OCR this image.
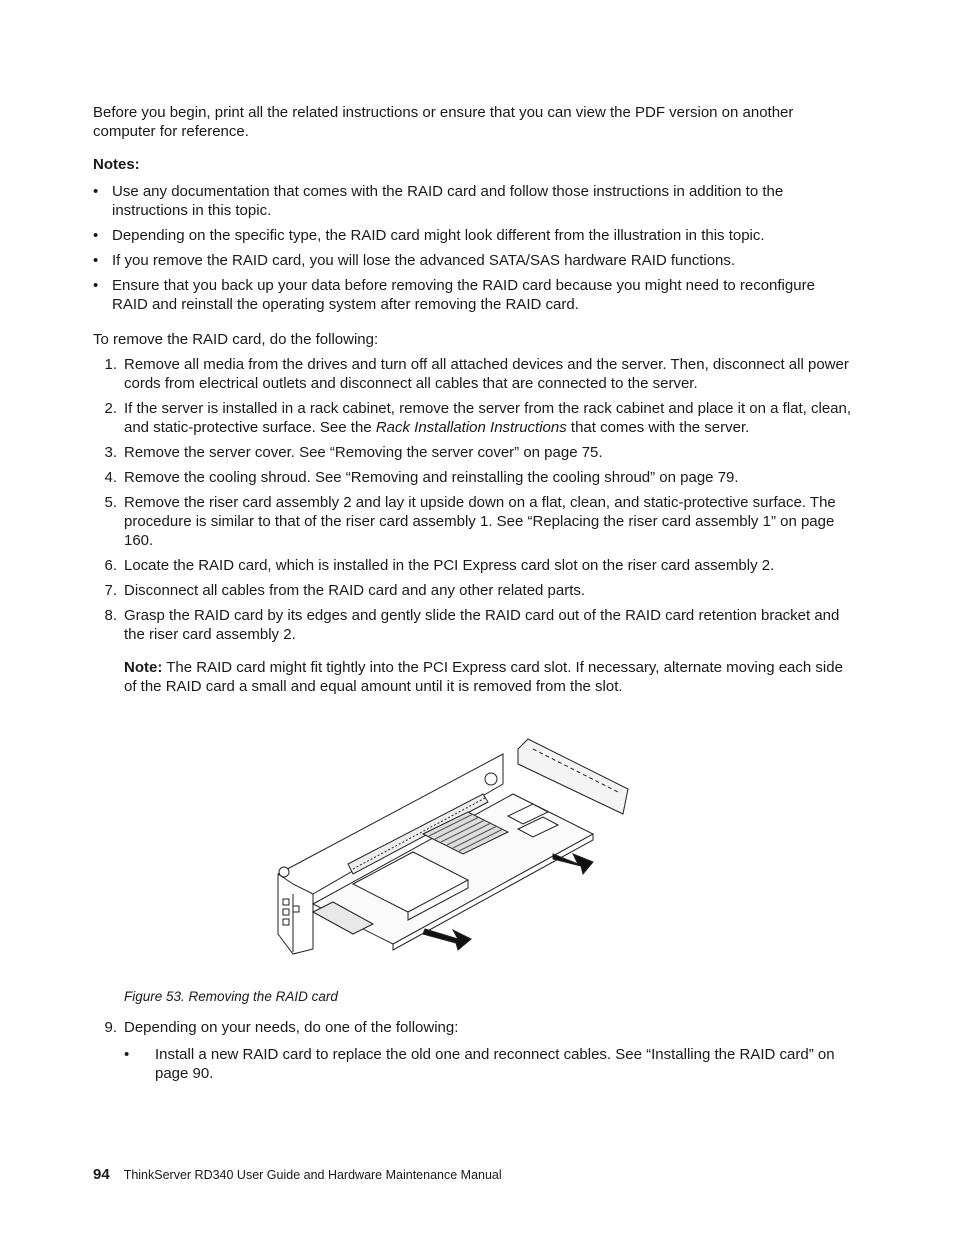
Before you begin, print all the related instructions or ensure that you can view the PDF version on another computer for reference.

Notes:

• Use any documentation that comes with the RAID card and follow those instructions in addition to the instructions in this topic.
• Depending on the specific type, the RAID card might look different from the illustration in this topic.
• If you remove the RAID card, you will lose the advanced SATA/SAS hardware RAID functions.
• Ensure that you back up your data before removing the RAID card because you might need to reconfigure RAID and reinstall the operating system after removing the RAID card.

To remove the RAID card, do the following:

1. Remove all media from the drives and turn off all attached devices and the server. Then, disconnect all power cords from electrical outlets and disconnect all cables that are connected to the server.
2. If the server is installed in a rack cabinet, remove the server from the rack cabinet and place it on a flat, clean, and static-protective surface. See the Rack Installation Instructions that comes with the server.
3. Remove the server cover. See “Removing the server cover” on page 75.
4. Remove the cooling shroud. See “Removing and reinstalling the cooling shroud” on page 79.
5. Remove the riser card assembly 2 and lay it upside down on a flat, clean, and static-protective surface. The procedure is similar to that of the riser card assembly 1. See “Replacing the riser card assembly 1” on page 160.
6. Locate the RAID card, which is installed in the PCI Express card slot on the riser card assembly 2.
7. Disconnect all cables from the RAID card and any other related parts.
8. Grasp the RAID card by its edges and gently slide the RAID card out of the RAID card retention bracket and the riser card assembly 2.

Note: The RAID card might fit tightly into the PCI Express card slot. If necessary, alternate moving each side of the RAID card a small and equal amount until it is removed from the slot.

Figure 53. Removing the RAID card

9. Depending on your needs, do one of the following:
• Install a new RAID card to replace the old one and reconnect cables. See “Installing the RAID card” on page 90.
94 ThinkServer RD340 User Guide and Hardware Maintenance Manual
